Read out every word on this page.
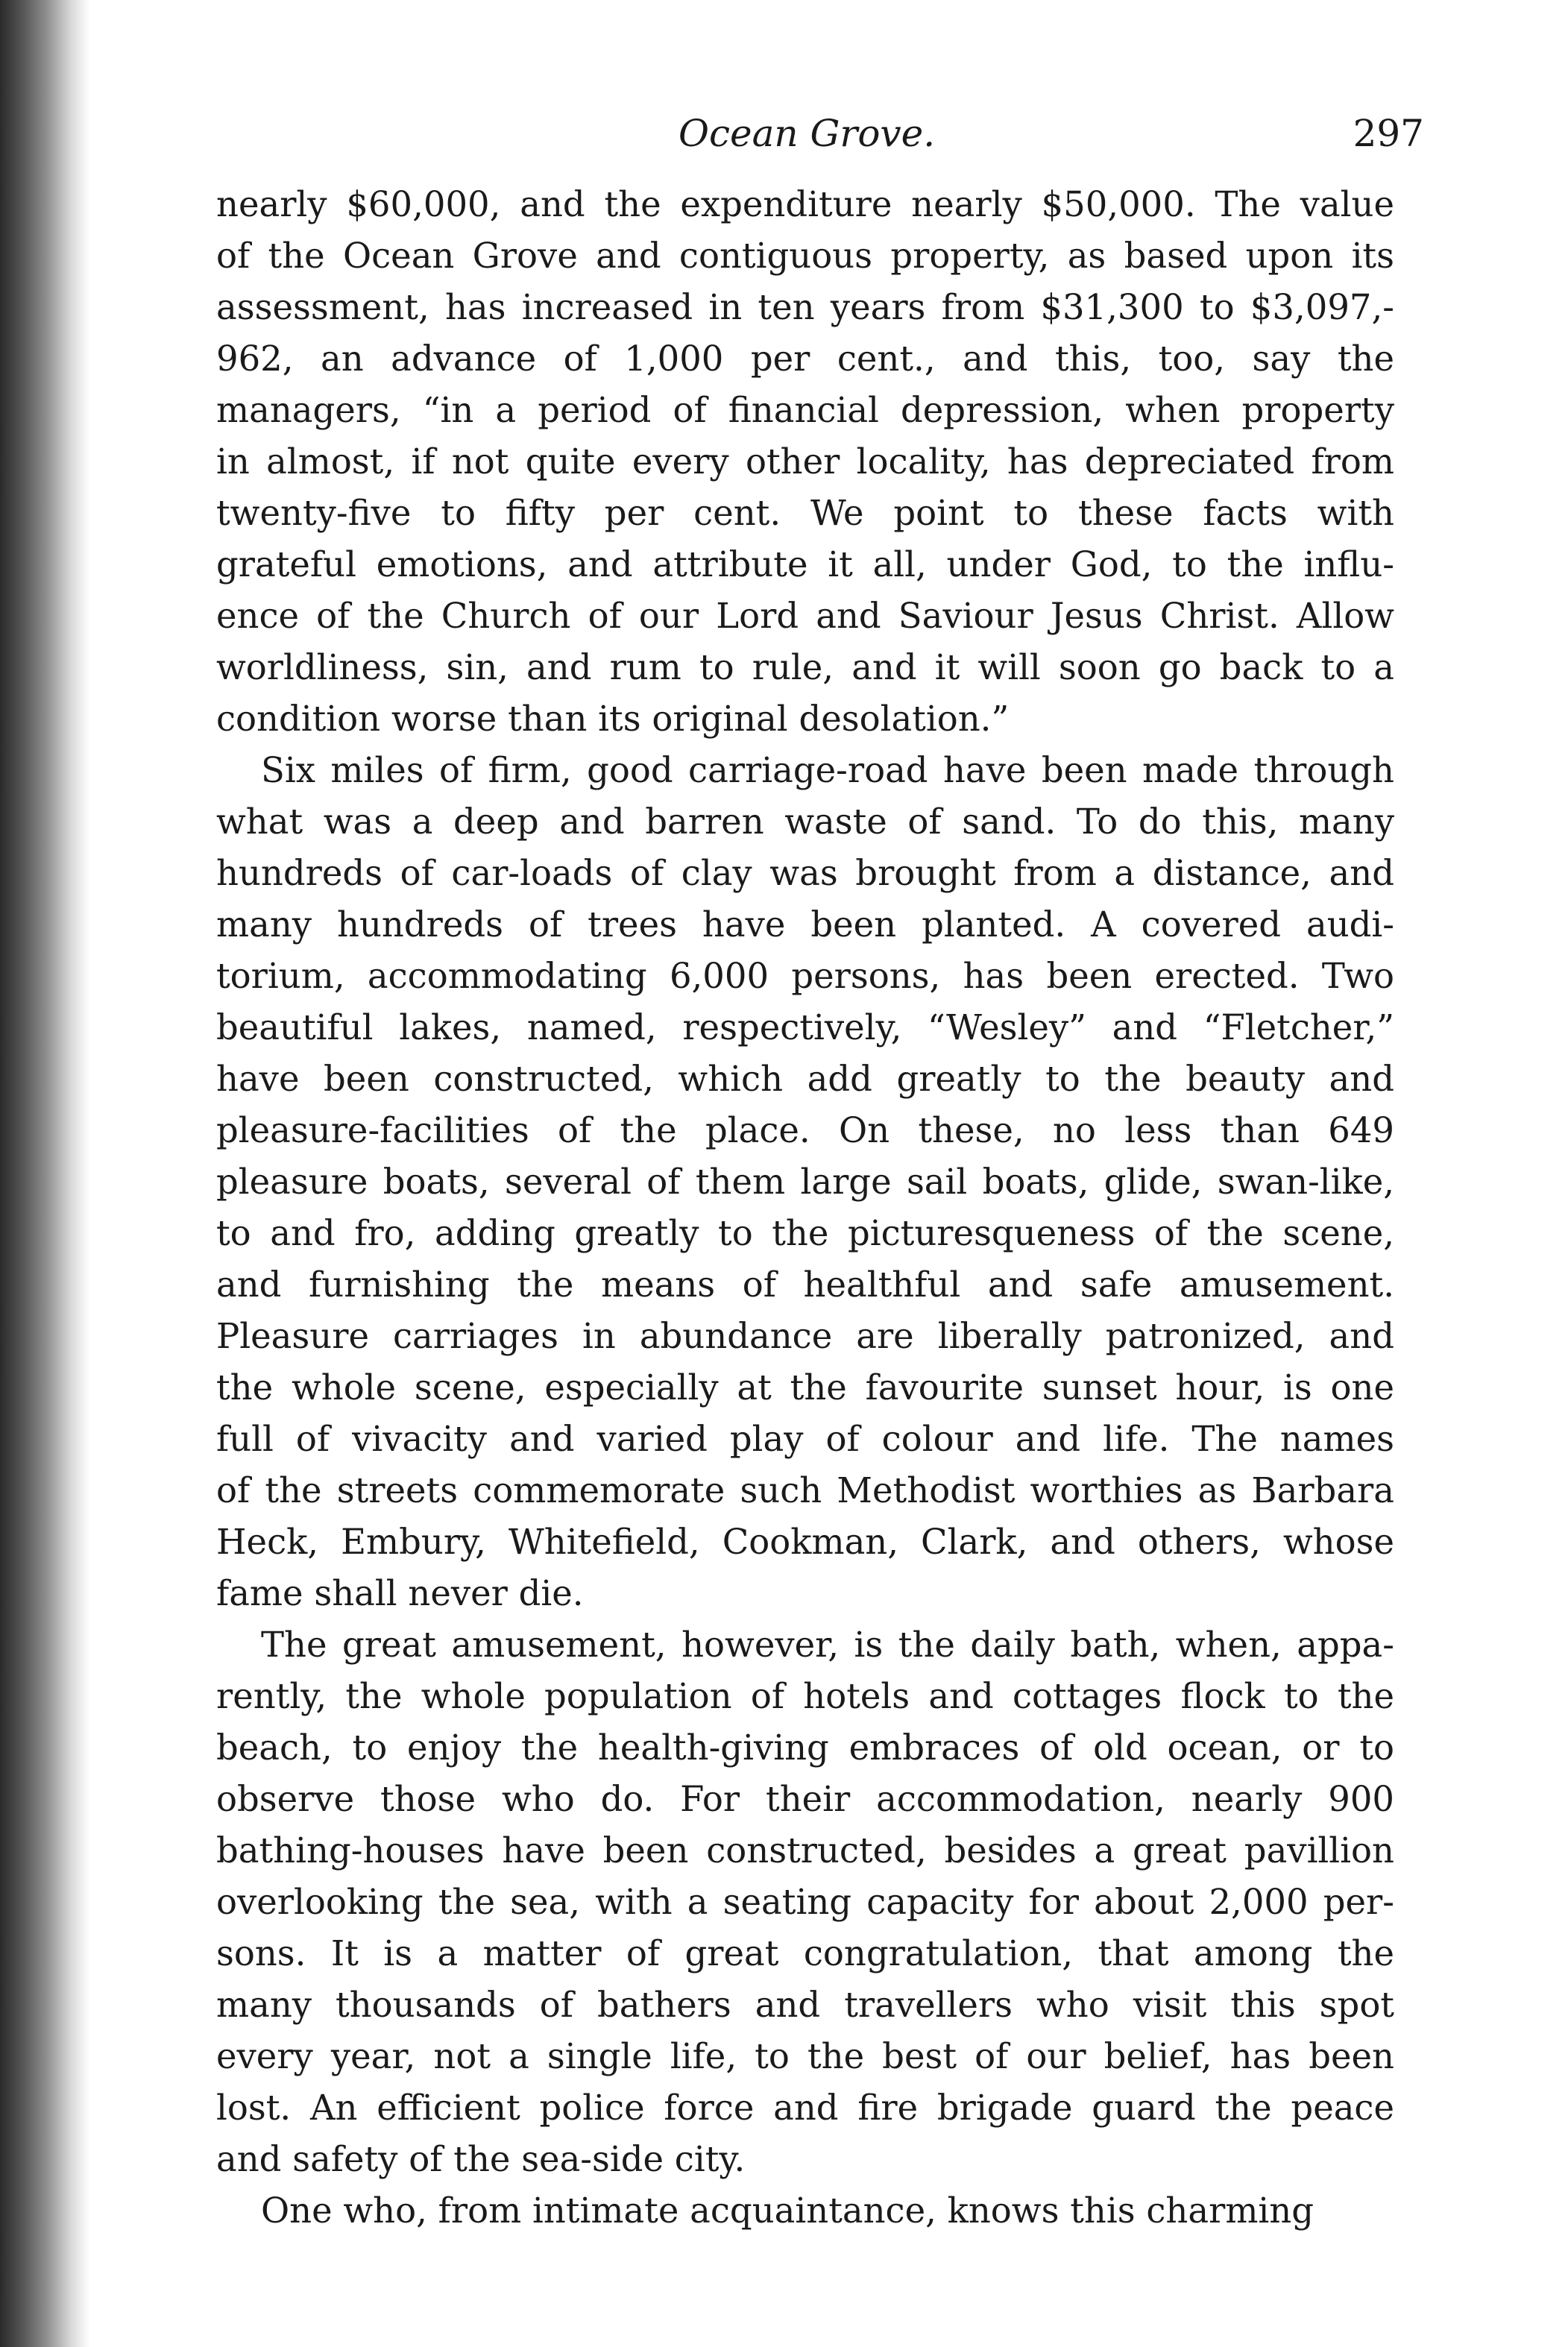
Ocean Grove.	297

nearly $60,000, and the expenditure nearly $50,000. The value
of the Ocean Grove and contiguous property, as based upon its
assessment, has increased in ten years from $31,300 to $3,097,-
962, an advance of 1,000 per cent., and this, too, say the
managers, “in a period of financial depression, when property
in almost, if not quite every other locality, has depreciated from
twenty-five to fifty per cent. We point to these facts with
grateful emotions, and attribute it all, under God, to the influ-
ence of the Church of our Lord and Saviour Jesus Christ. Allow
worldliness, sin, and rum to rule, and it will soon go back to a
condition worse than its original desolation.”

Six miles of firm, good carriage-road have been made through
what was a deep and barren waste of sand. To do this, many
hundreds of car-loads of clay was brought from a distance, and
many hundreds of trees have been planted. A covered audi-
torium, accommodating 6,000 persons, has been erected. Two
beautiful lakes, named, respectively, “Wesley” and “Fletcher,”
have been constructed, which add greatly to the beauty and
pleasure-facilities of the place. On these, no less than 649
pleasure boats, several of them large sail boats, glide, swan-like,
to and fro, adding greatly to the picturesqueness of the scene,
and furnishing the means of healthful and safe amusement.
Pleasure carriages in abundance are liberally patronized, and
the whole scene, especially at the favourite sunset hour, is one
full of vivacity and varied play of colour and life. The names
of the streets commemorate such Methodist worthies as Barbara
Heck, Embury, Whitefield, Cookman, Clark, and others, whose
fame shall never die.

The great amusement, however, is the daily bath, when, appa-
rently, the whole population of hotels and cottages flock to the
beach, to enjoy the health-giving embraces of old ocean, or to
observe those who do. For their accommodation, nearly 900
bathing-houses have been constructed, besides a great pavillion
overlooking the sea, with a seating capacity for about 2,000 per-
sons. It is a matter of great congratulation, that among the
many thousands of bathers and travellers who visit this spot
every year, not a single life, to the best of our belief, has been
lost. An efficient police force and fire brigade guard the peace
and safety of the sea-side city.

One who, from intimate acquaintance, knows this charming
